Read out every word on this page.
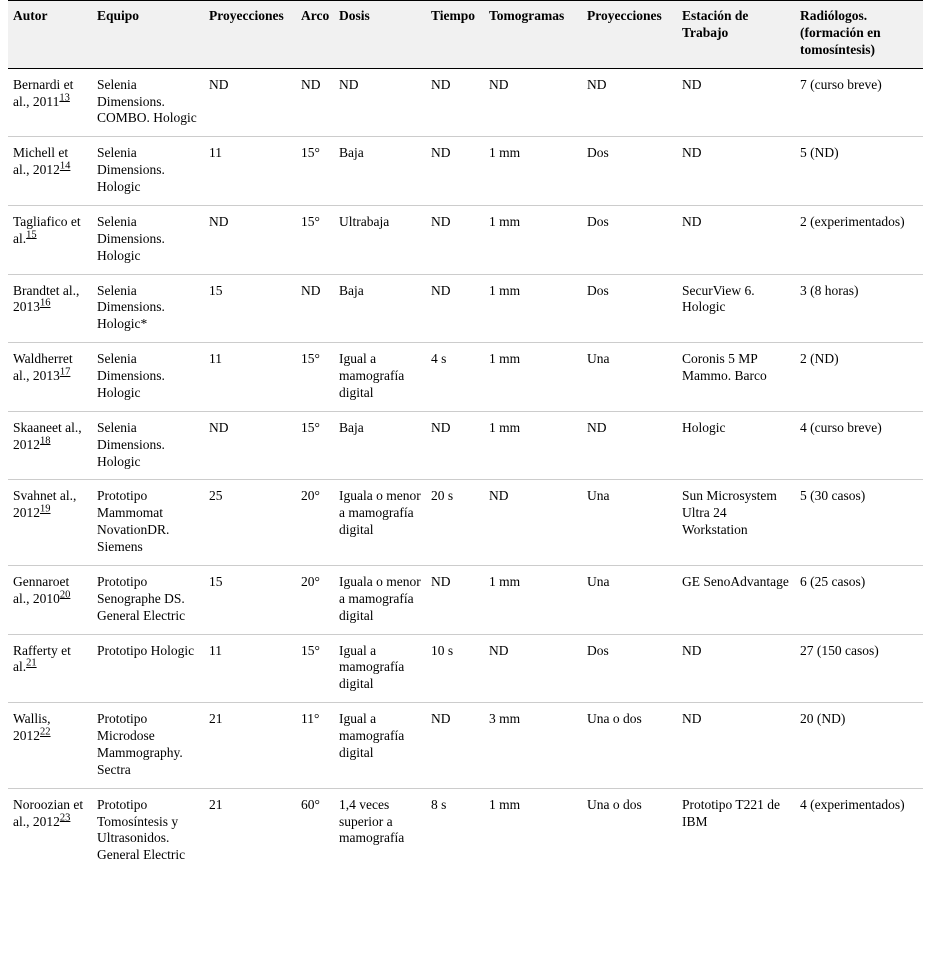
Autor	Equipo	Proyecciones	Arco	Dosis	Tiempo	Tomogramas	Proyecciones	Estación de Trabajo	Radiólogos. (formación en tomosíntesis)
Bernardi et al., 2011$^{13}$	Selenia Dimensions. COMBO. Hologic	ND	ND	ND	ND	ND	ND	ND	7 (curso breve)
Michell et al., 2012$^{14}$	Selenia Dimensions. Hologic	11	15°	Baja	ND	1 mm	Dos	ND	5 (ND)
Tagliafico et al.$^{15}$	Selenia Dimensions. Hologic	ND	15°	Ultrabaja	ND	1 mm	Dos	ND	2 (experimentados)
Brandtet al., 2013$^{16}$	Selenia Dimensions. Hologic*	15	ND	Baja	ND	1 mm	Dos	SecurView 6. Hologic	3 (8 horas)
Waldherret al., 2013$^{17}$	Selenia Dimensions. Hologic	11	15°	Igual a mamografía digital	4 s	1 mm	Una	Coronis 5 MP Mammo. Barco	2 (ND)
Skaaneet al., 2012$^{18}$	Selenia Dimensions. Hologic	ND	15°	Baja	ND	1 mm	ND	Hologic	4 (curso breve)
Svahnet al., 2012$^{19}$	Prototipo Mammomat NovationDR. Siemens	25	20°	Iguala o menor a mamografía digital	20 s	ND	Una	Sun Microsystem Ultra 24 Workstation	5 (30 casos)
Gennaroet al., 2010$^{20}$	Prototipo Senographe DS. General Electric	15	20°	Iguala o menor a mamografía digital	ND	1 mm	Una	GE SenoAdvantage	6 (25 casos)
Rafferty et al.$^{21}$	Prototipo Hologic	11	15°	Igual a mamografía digital	10 s	ND	Dos	ND	27 (150 casos)
Wallis, 2012$^{22}$	Prototipo Microdose Mammography. Sectra	21	11°	Igual a mamografía digital	ND	3 mm	Una o dos	ND	20 (ND)
Noroozian et al., 2012$^{23}$	Prototipo Tomosíntesis y Ultrasonidos. General Electric	21	60°	1,4 veces superior a mamografía	8 s	1 mm	Una o dos	Prototipo T221 de IBM	4 (experimentados)
